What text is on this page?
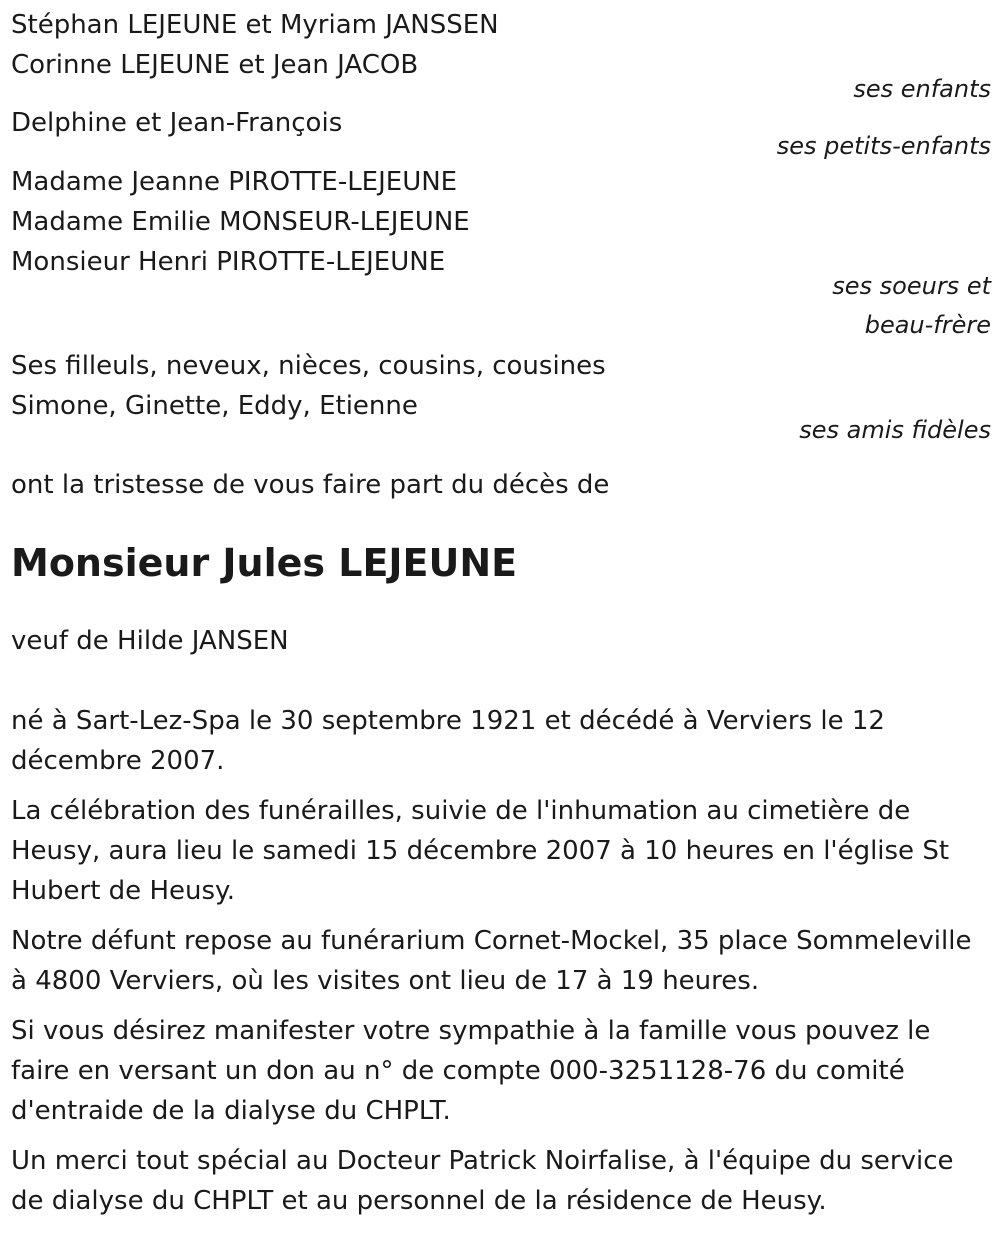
Stéphan LEJEUNE et Myriam JANSSEN
Corinne LEJEUNE et Jean JACOB
ses enfants
Delphine et Jean-François
ses petits-enfants
Madame Jeanne PIROTTE-LEJEUNE
Madame Emilie MONSEUR-LEJEUNE
Monsieur Henri PIROTTE-LEJEUNE
ses soeurs et
beau-frère
Ses filleuls, neveux, nièces, cousins, cousines
Simone, Ginette, Eddy, Etienne
ses amis fidèles
ont la tristesse de vous faire part du décès de
Monsieur Jules LEJEUNE
veuf de Hilde JANSEN

né à Sart-Lez-Spa le 30 septembre 1921 et décédé à Verviers le 12 décembre 2007.

La célébration des funérailles, suivie de l'inhumation au cimetière de Heusy, aura lieu le samedi 15 décembre 2007 à 10 heures en l'église St Hubert de Heusy.

Notre défunt repose au funérarium Cornet-Mockel, 35 place Sommeleville à 4800 Verviers, où les visites ont lieu de 17 à 19 heures.

Si vous désirez manifester votre sympathie à la famille vous pouvez le faire en versant un don au n° de compte 000-3251128-76 du comité d'entraide de la dialyse du CHPLT.

Un merci tout spécial au Docteur Patrick Noirfalise, à l'équipe du service de dialyse du CHPLT et au personnel de la résidence de Heusy.
